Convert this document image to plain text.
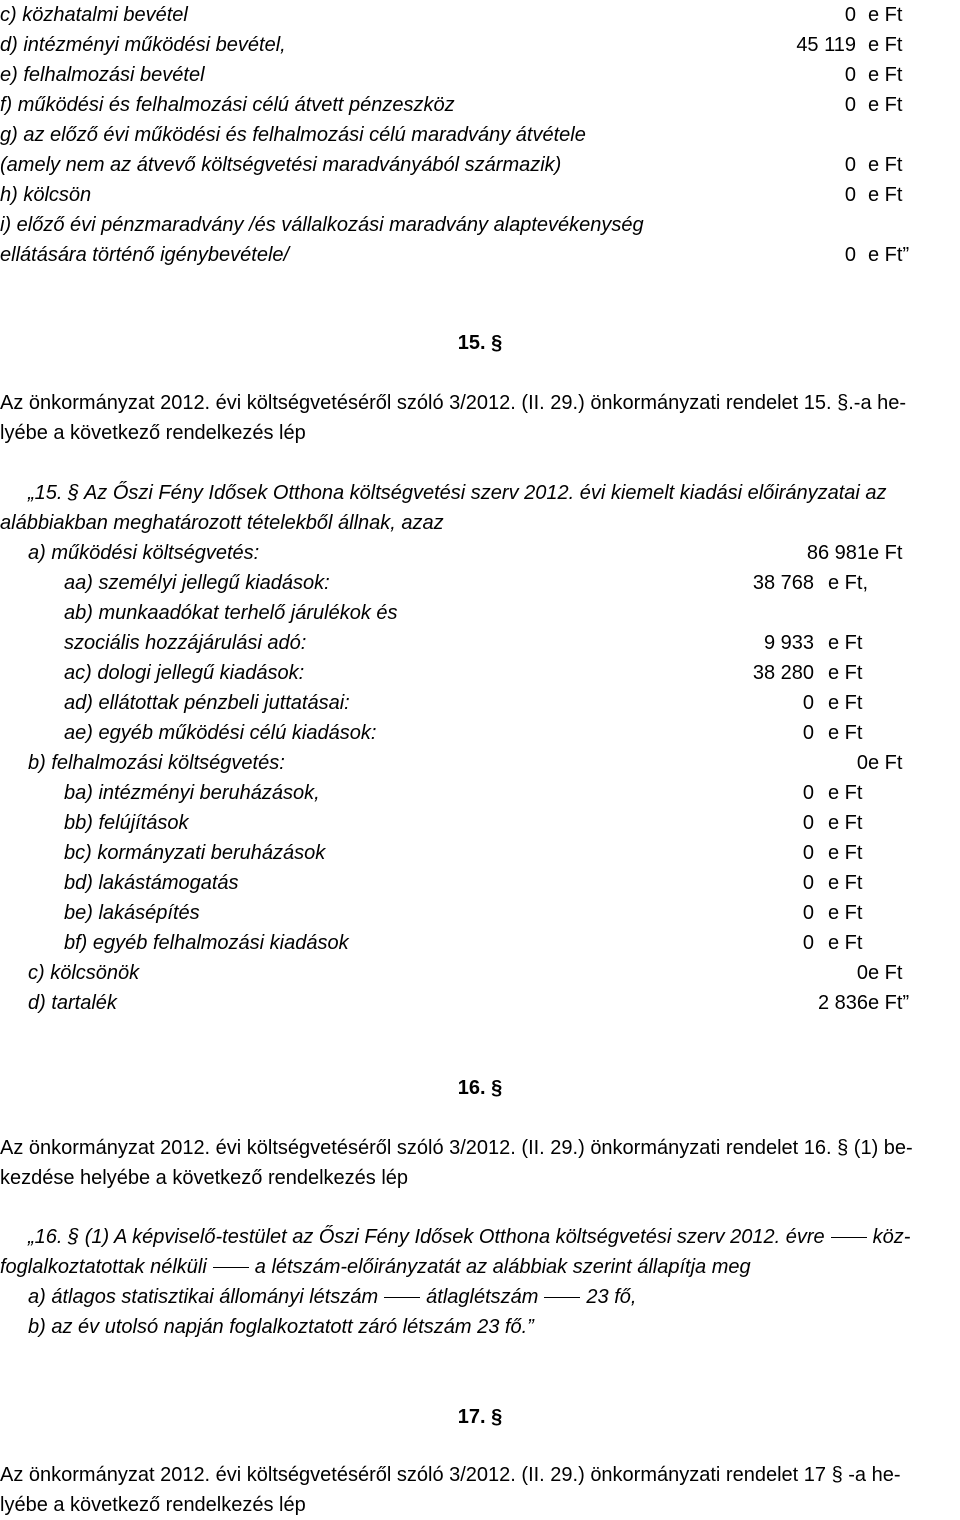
c) közhatalmi bevétel	0 e Ft
d) intézményi működési bevétel,	45 119 e Ft
e) felhalmozási bevétel	0 e Ft
f) működési és felhalmozási célú átvett pénzeszköz	0 e Ft
g) az előző évi működési és felhalmozási célú maradvány átvétele
(amely nem az átvevő költségvetési maradványából származik)	0 e Ft
h) kölcsön	0 e Ft
i) előző évi pénzmaradvány /és vállalkozási maradvány alaptevékenység
ellátására történő igénybevétele/	0 e Ft”
15. §
Az önkormányzat 2012. évi költségvetéséről szóló 3/2012. (II. 29.) önkormányzati rendelet 15. §.-a he-
lyébe a következő rendelkezés lép
„15. § Az Őszi Fény Idősek Otthona költségvetési szerv 2012. évi kiemelt kiadási előirányzatai az
alábbiakban meghatározott tételekből állnak, azaz
a) működési költségvetés:	86 981 e Ft
aa) személyi jellegű kiadások:	38 768 e Ft,
ab) munkaadókat terhelő járulékok és
szociális hozzájárulási adó:	9 933 e Ft
ac) dologi jellegű kiadások:	38 280 e Ft
ad) ellátottak pénzbeli juttatásai:	0 e Ft
ae) egyéb működési célú kiadások:	0 e Ft
b) felhalmozási költségvetés:	0 e Ft
ba) intézményi beruházások,	0 e Ft
bb) felújítások	0 e Ft
bc) kormányzati beruházások	0 e Ft
bd) lakástámogatás	0 e Ft
be) lakásépítés	0 e Ft
bf) egyéb felhalmozási kiadások	0 e Ft
c) kölcsönök	0 e Ft
d) tartalék	2 836 e Ft”
16. §
Az önkormányzat 2012. évi költségvetéséről szóló 3/2012. (II. 29.) önkormányzati rendelet 16. § (1) be-
kezdése helyébe a következő rendelkezés lép
„16. § (1) A képviselő-testület az Őszi Fény Idősek Otthona költségvetési szerv 2012. évre köz-
foglalkoztatottak nélküli a létszám-előirányzatát az alábbiak szerint állapítja meg
a) átlagos statisztikai állományi létszám átlaglétszám 23 fő,
b) az év utolsó napján foglalkoztatott záró létszám 23 fő.”
17. §
Az önkormányzat 2012. évi költségvetéséről szóló 3/2012. (II. 29.) önkormányzati rendelet 17 § -a he-
lyébe a következő rendelkezés lép
